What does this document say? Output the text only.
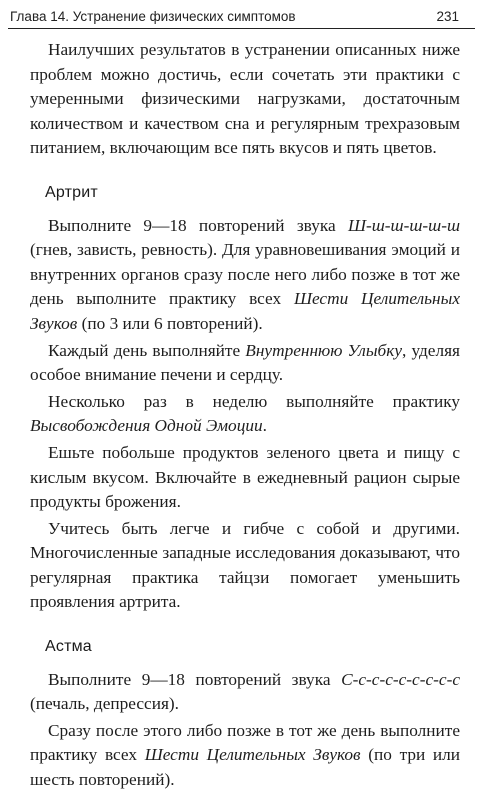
Глава 14. Устранение физических симптомов	231

Наилучших результатов в устранении описанных ниже проблем можно достичь, если сочетать эти практики с умеренными физическими нагрузками, достаточным количеством и качеством сна и регулярным трехразовым питанием, включающим все пять вкусов и пять цветов.

Артрит

Выполните 9—18 повторений звука Ш-ш-ш-ш-ш-ш (гнев, зависть, ревность). Для уравновешивания эмоций и внутренних органов сразу после него либо позже в тот же день выполните практику всех Шести Целительных Звуков (по 3 или 6 повторений).

Каждый день выполняйте Внутреннюю Улыбку, уделяя особое внимание печени и сердцу.

Несколько раз в неделю выполняйте практику Высвобождения Одной Эмоции.

Ешьте побольше продуктов зеленого цвета и пищу с кислым вкусом. Включайте в ежедневный рацион сырые продукты брожения.

Учитесь быть легче и гибче с собой и другими. Многочисленные западные исследования доказывают, что регулярная практика тайцзи помогает уменьшить проявления артрита.

Астма

Выполните 9—18 повторений звука С-с-с-с-с-с-с-с-с (печаль, депрессия).

Сразу после этого либо позже в тот же день выполните практику всех Шести Целительных Звуков (по три или шесть повторений).
